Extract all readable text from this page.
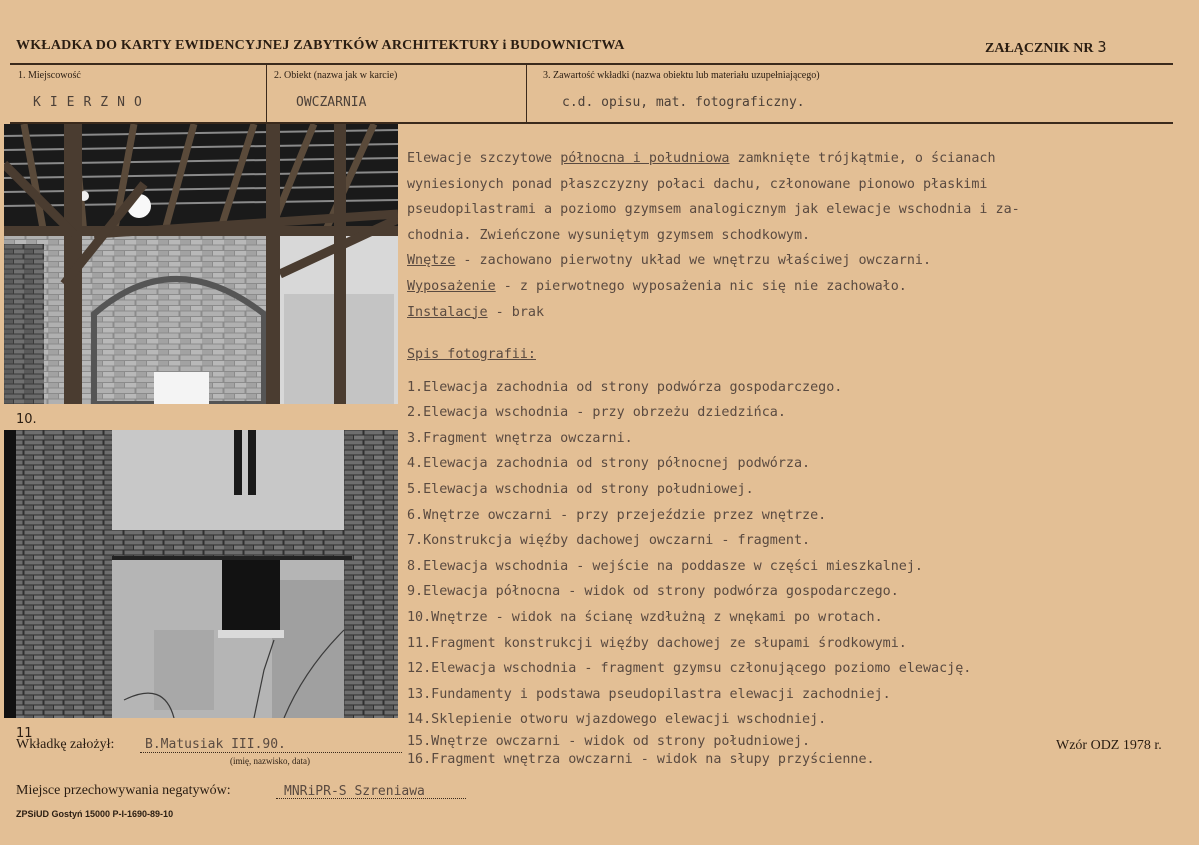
WKŁADKA DO KARTY EWIDENCYJNEJ ZABYTKÓW ARCHITEKTURY i BUDOWNICTWA	ZAŁĄCZNIK NR 3
1. Miejscowość
KIERZNO
2. Obiekt (nazwa jak w karcie)
OWCZARNIA
3. Zawartość wkładki (nazwa obiektu lub materiału uzupełniającego)
c.d. opisu, mat. fotograficzny.
10.
11
Elewacje szczytowe północna i południowa zamknięte trójkątmie, o ścianach
wyniesionych ponad płaszczyzny połaci dachu, członowane pionowo płaskimi
pseudopilastrami a poziomo gzymsem analogicznym jak elewacje wschodnia i za-
chodnia. Zwieńczone wysuniętym gzymsem schodkowym.
Wnętze - zachowano pierwotny układ we wnętrzu właściwej owczarni.
Wyposażenie - z pierwotnego wyposażenia nic się nie zachowało.
Instalacje - brak
Spis fotografii:
1.Elewacja zachodnia od strony podwórza gospodarczego.
2.Elewacja wschodnia - przy obrzeżu dziedzińca.
3.Fragment wnętrza owczarni.
4.Elewacja zachodnia od strony północnej podwórza.
5.Elewacja wschodnia od strony południowej.
6.Wnętrze owczarni - przy przejeździe przez wnętrze.
7.Konstrukcja więźby dachowej owczarni - fragment.
8.Elewacja wschodnia - wejście na poddasze w części mieszkalnej.
9.Elewacja północna - widok od strony podwórza gospodarczego.
10.Wnętrze - widok na ścianę wzdłużną z wnękami po wrotach.
11.Fragment konstrukcji więźby dachowej ze słupami środkowymi.
12.Elewacja wschodnia - fragment gzymsu członującego poziomo elewację.
13.Fundamenty i podstawa pseudopilastra elewacji zachodniej.
14.Sklepienie otworu wjazdowego elewacji wschodniej.
15.Wnętrze owczarni - widok od strony południowej.
16.Fragment wnętrza owczarni - widok na słupy przyścienne.
Wkładkę założył: B.Matusiak III.90.
(imię, nazwisko, data)
Wzór ODZ 1978 r.
Miejsce przechowywania negatywów:	MNRiPR-S Szreniawa
ZPSiUD Gostyń 15000 P-I-1690-89-10
